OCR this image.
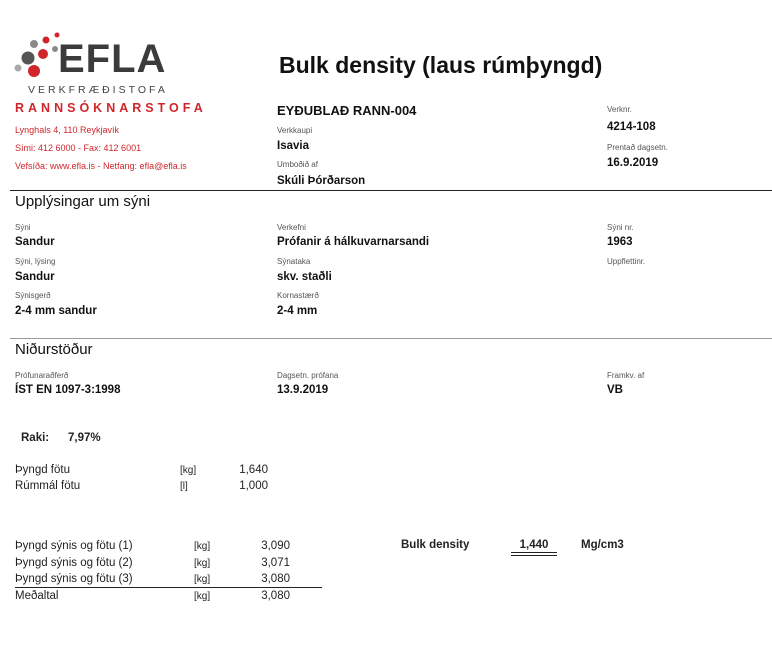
EFLA
VERKFRÆÐISTOFA
RANNSÓKNARSTOFA
Lynghals 4, 110 Reykjavík
Sími: 412 6000 - Fax: 412 6001
Vefsíða: www.efla.is - Netfang: efla@efla.is
Bulk density (laus rúmþyngd)
EYÐUBLAÐ RANN-004
Verkkaupi
Isavia
Umboðið af
Skúli Þórðarson
Verknr.
4214-108
Prentað dagsetn.
16.9.2019
Upplýsingar um sýni
Sýni
Sandur
Sýni, lýsing
Sandur
Sýnisgerð
2-4 mm sandur
Verkefni
Prófanir á hálkuvarnarsandi
Sýnataka
skv. staðli
Kornastærð
2-4 mm
Sýni nr.
1963
Uppflettinr.
Niðurstöður
Prófunaraðferð
ÍST EN 1097-3:1998
Dagsetn. prófana
13.9.2019
Framkv. af
VB
Raki: 7,97%
Þyngd fötu	[kg]	1,640
Rúmmál fötu	[l]	1,000
Þyngd sýnis og fötu (1)	[kg]	3,090
Þyngd sýnis og fötu (2)	[kg]	3,071
Þyngd sýnis og fötu (3)	[kg]	3,080
Meðaltal	[kg]	3,080
Bulk density	1,440	Mg/cm3
